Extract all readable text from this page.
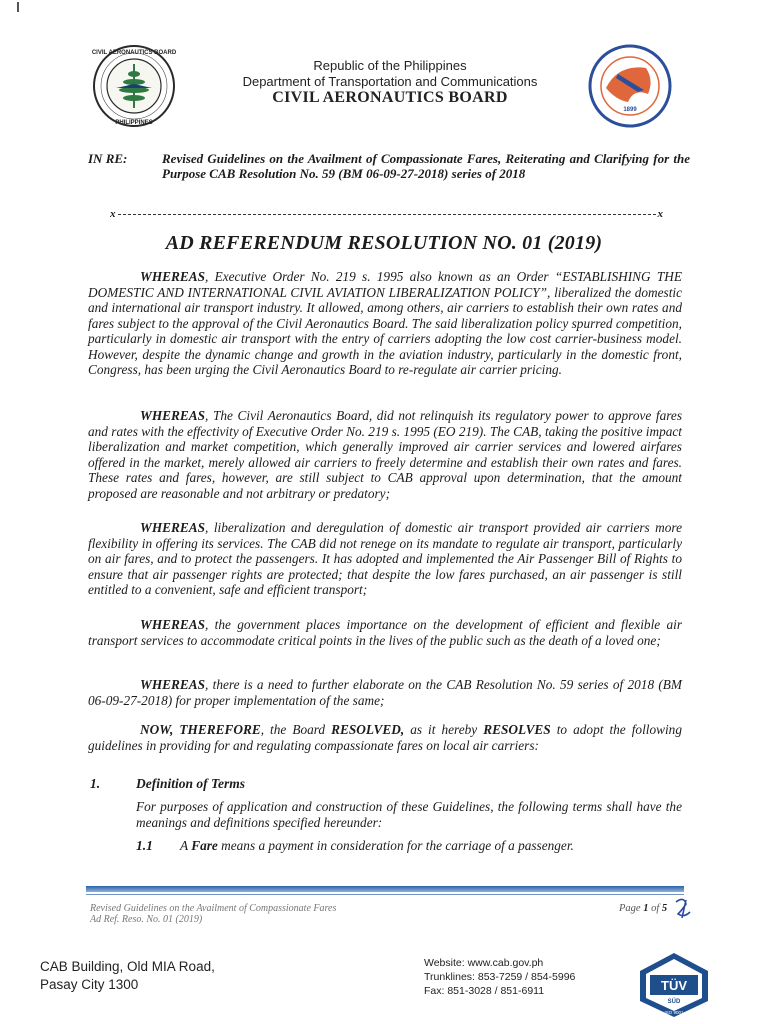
CIVIL AERONAUTICS BOARD
PHILIPPINES
Republic of the Philippines
Department of Transportation and Communications
CIVIL AERONAUTICS BOARD
1899
IN RE:	Revised Guidelines on the Availment of Compassionate Fares, Reiterating and Clarifying for the Purpose CAB Resolution No. 59 (BM 06-09-27-2018) series of 2018
x	x
AD REFERENDUM RESOLUTION NO. 01 (2019)
WHEREAS, Executive Order No. 219 s. 1995 also known as an Order “ESTABLISHING THE DOMESTIC AND INTERNATIONAL CIVIL AVIATION LIBERALIZATION POLICY”, liberalized the domestic and international air transport industry. It allowed, among others, air carriers to establish their own rates and fares subject to the approval of the Civil Aeronautics Board. The said liberalization policy spurred competition, particularly in domestic air transport with the entry of carriers adopting the low cost carrier-business model. However, despite the dynamic change and growth in the aviation industry, particularly in the domestic front, Congress, has been urging the Civil Aeronautics Board to re-regulate air carrier pricing.
WHEREAS, The Civil Aeronautics Board, did not relinquish its regulatory power to approve fares and rates with the effectivity of Executive Order No. 219 s. 1995 (EO 219). The CAB, taking the positive impact liberalization and market competition, which generally improved air carrier services and lowered airfares offered in the market, merely allowed air carriers to freely determine and establish their own rates and fares. These rates and fares, however, are still subject to CAB approval upon determination, that the amount proposed are reasonable and not arbitrary or predatory;
WHEREAS, liberalization and deregulation of domestic air transport provided air carriers more flexibility in offering its services. The CAB did not renege on its mandate to regulate air transport, particularly on air fares, and to protect the passengers. It has adopted and implemented the Air Passenger Bill of Rights to ensure that air passenger rights are protected; that despite the low fares purchased, an air passenger is still entitled to a convenient, safe and efficient transport;
WHEREAS, the government places importance on the development of efficient and flexible air transport services to accommodate critical points in the lives of the public such as the death of a loved one;
WHEREAS, there is a need to further elaborate on the CAB Resolution No. 59 series of 2018 (BM 06-09-27-2018) for proper implementation of the same;
NOW, THEREFORE, the Board RESOLVED, as it hereby RESOLVES to adopt the following guidelines in providing for and regulating compassionate fares on local air carriers:
1.	Definition of Terms
For purposes of application and construction of these Guidelines, the following terms shall have the meanings and definitions specified hereunder:
1.1 A Fare means a payment in consideration for the carriage of a passenger.
Revised Guidelines on the Availment of Compassionate Fares
Ad Ref. Reso. No. 01 (2019)
Page 1 of 5
CAB Building, Old MIA Road,
Pasay City 1300
Website: www.cab.gov.ph
Trunklines: 853-7259 / 854-5996
Fax: 851-3028 / 851-6911	TÜV
SÜD
ISO 9001
